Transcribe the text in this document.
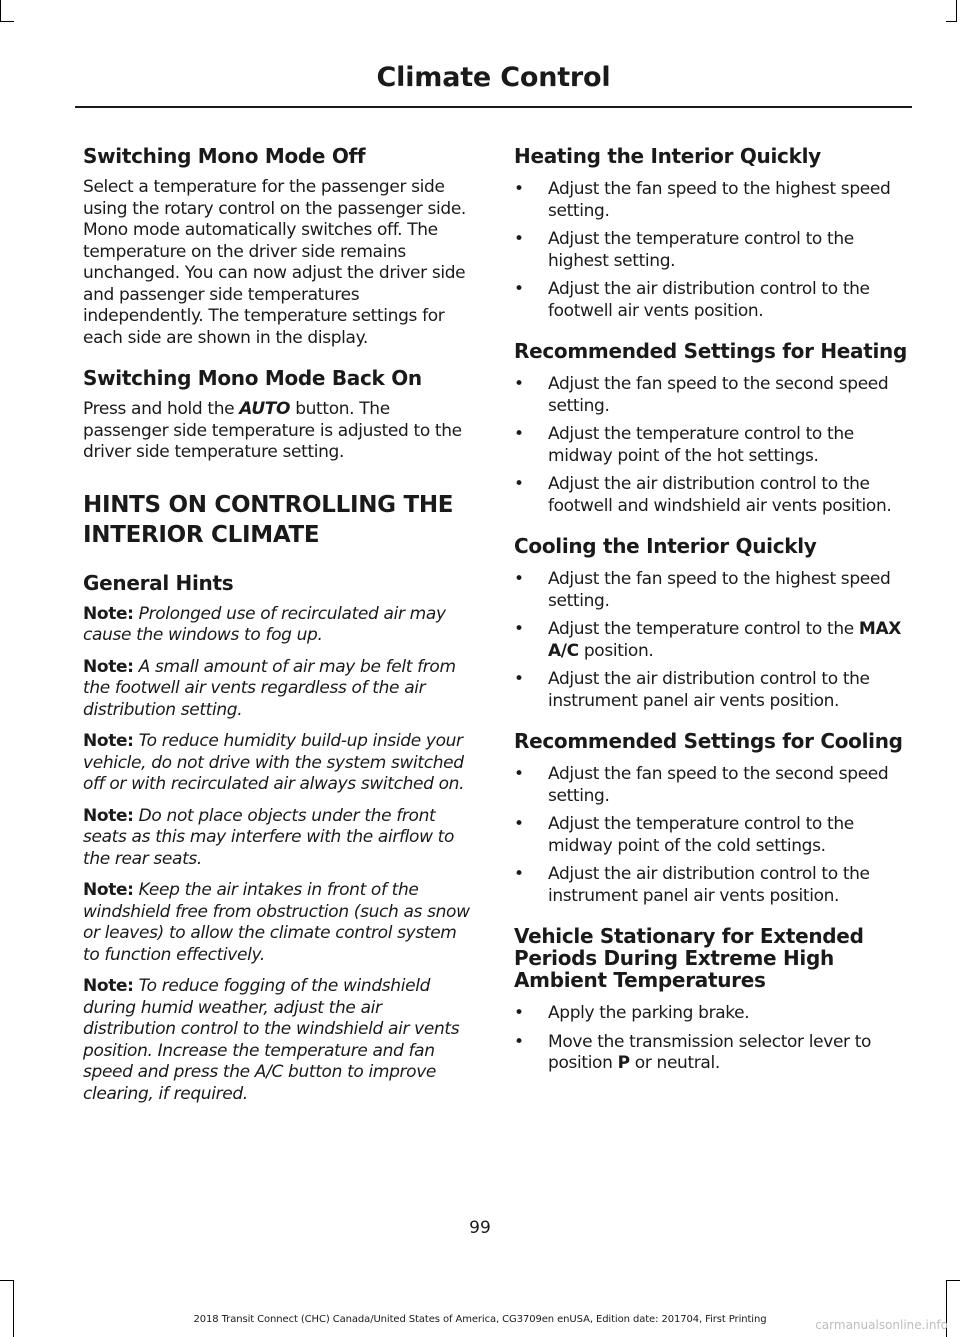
Climate Control
Switching Mono Mode Off

Select a temperature for the passenger side using the rotary control on the passenger side. Mono mode automatically switches off. The temperature on the driver side remains unchanged. You can now adjust the driver side and passenger side temperatures independently. The temperature settings for each side are shown in the display.

Switching Mono Mode Back On

Press and hold the AUTO button. The passenger side temperature is adjusted to the driver side temperature setting.

HINTS ON CONTROLLING THE
INTERIOR CLIMATE
General Hints

Note: Prolonged use of recirculated air may cause the windows to fog up.

Note: A small amount of air may be felt from the footwell air vents regardless of the air distribution setting.

Note: To reduce humidity build-up inside your vehicle, do not drive with the system switched off or with recirculated air always switched on.

Note: Do not place objects under the front seats as this may interfere with the airflow to the rear seats.

Note: Keep the air intakes in front of the windshield free from obstruction (such as snow or leaves) to allow the climate control system to function effectively.

Note: To reduce fogging of the windshield during humid weather, adjust the air distribution control to the windshield air vents position. Increase the temperature and fan speed and press the A/C button to improve clearing, if required.

Heating the Interior Quickly
• Adjust the fan speed to the highest speed setting.
• Adjust the temperature control to the highest setting.
• Adjust the air distribution control to the footwell air vents position.
Recommended Settings for Heating
• Adjust the fan speed to the second speed setting.
• Adjust the temperature control to the midway point of the hot settings.
• Adjust the air distribution control to the footwell and windshield air vents position.
Cooling the Interior Quickly
• Adjust the fan speed to the highest speed setting.
• Adjust the temperature control to the MAX A/C position.
• Adjust the air distribution control to the instrument panel air vents position.
Recommended Settings for Cooling
• Adjust the fan speed to the second speed setting.
• Adjust the temperature control to the midway point of the cold settings.
• Adjust the air distribution control to the instrument panel air vents position.
Vehicle Stationary for Extended Periods During Extreme High Ambient Temperatures
• Apply the parking brake.
• Move the transmission selector lever to position P or neutral.
99
2018 Transit Connect (CHC) Canada/United States of America, CG3709en enUSA, Edition date: 201704, First Printing	carmanualsonline.info
